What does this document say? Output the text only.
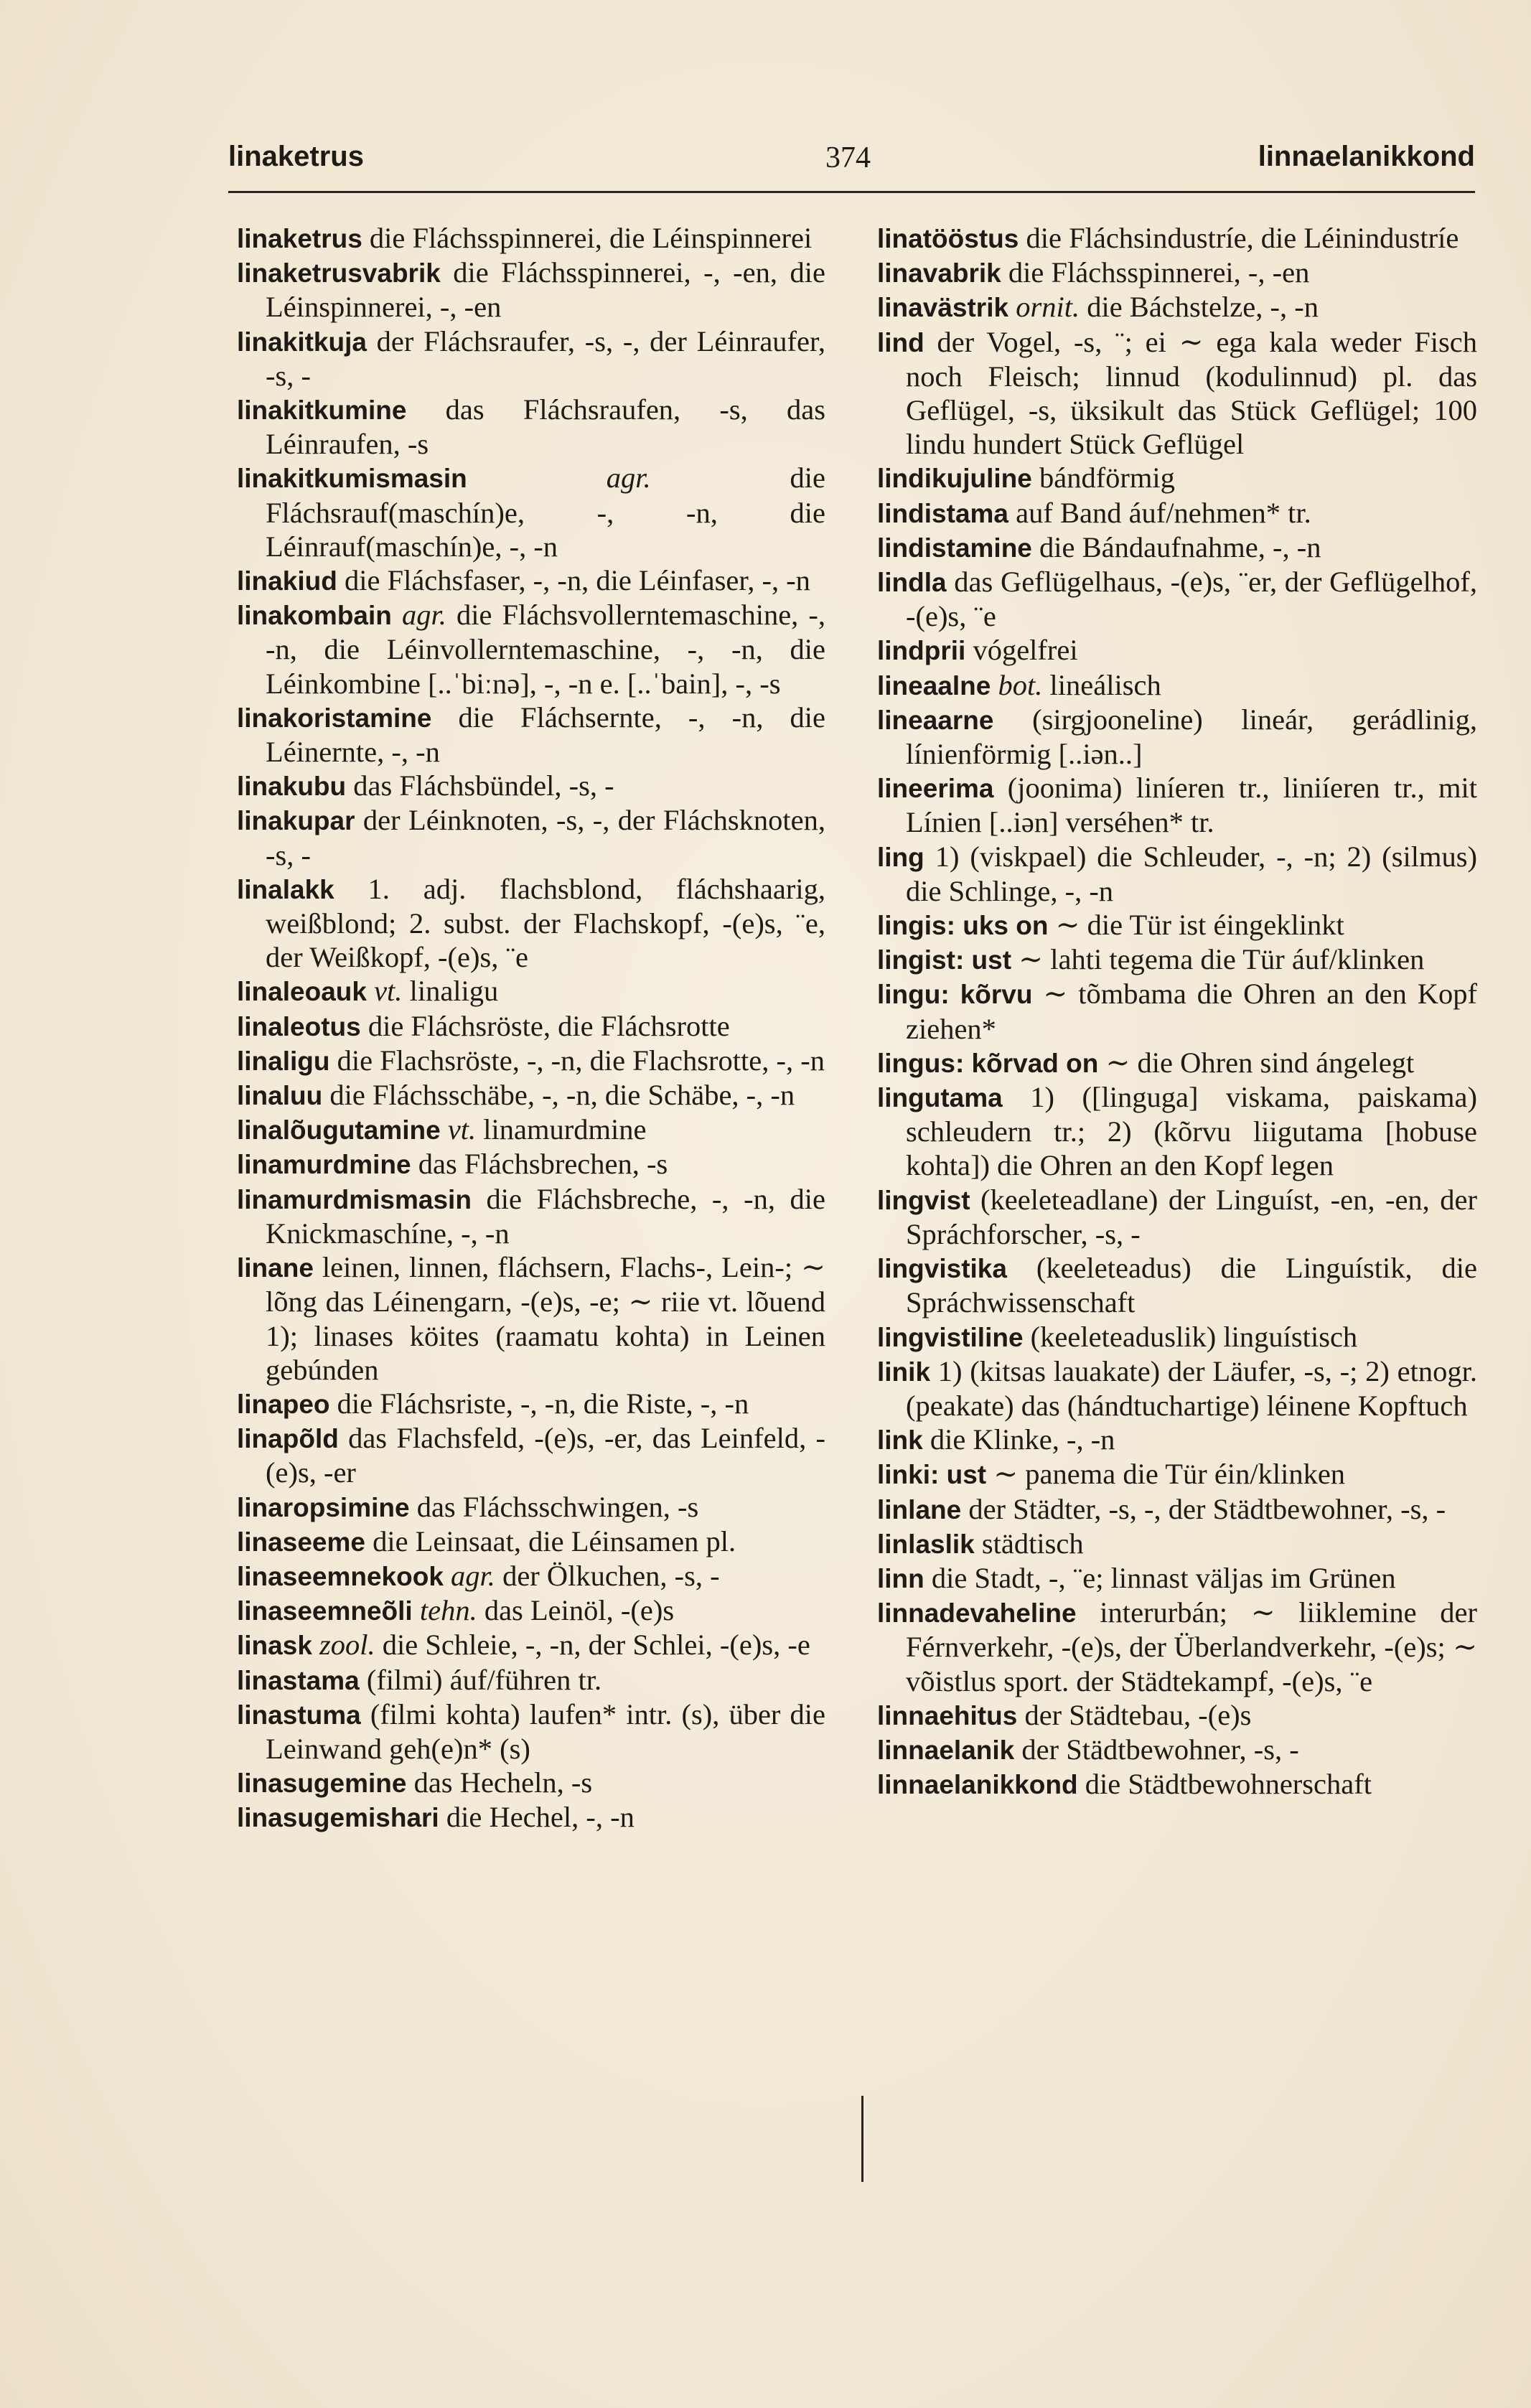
linaketrus	374	linnaelanikkond

linaketrus die Fláchsspinnerei, die Léinspinnerei

linaketrusvabrik die Fláchsspinnerei, -, -en, die Léinspinnerei, -, -en

linakitkuja der Fláchsraufer, -s, -, der Léinraufer, -s, -

linakitkumine das Fláchsraufen, -s, das Léinraufen, -s

linakitkumismasin	agr. die Fláchsrauf(maschín)e, -, -n, die Léinrauf(maschín)e, -, -n

linakiud die Fláchsfaser, -, -n, die Léinfaser, -, -n

linakombain agr. die Fláchsvollerntemaschine, -, -n, die Léinvollerntemaschine, -, -n, die Léinkombine [..ˈbiːnə], -, -n e. [..ˈbain], -, -s

linakoristamine die Fláchsernte, -, -n, die Léinernte, -, -n

linakubu das Fláchsbündel, -s, -

linakupar der Léinknoten, -s, -, der Fláchsknoten, -s, -

linalakk 1. adj. flachsblond, fláchshaarig, weißblond; 2. subst. der Flachskopf, -(e)s, ¨e, der Weißkopf, -(e)s, ¨e

linaleoauk vt. linaligu

linaleotus die Fláchsröste, die Fláchsrotte

linaligu die Flachsröste, -, -n, die Flachsrotte, -, -n

linaluu die Fláchsschäbe, -, -n, die Schäbe, -, -n

linalõugutamine vt. linamurdmine

linamurdmine das Fláchsbrechen, -s

linamurdmismasin die Fláchsbreche, -, -n, die Knickmaschíne, -, -n

linane leinen, linnen, fláchsern, Flachs-, Lein-; ∼ lõng das Léinengarn, -(e)s, -e; ∼ riie vt. lõuend 1); linases köites (raamatu kohta) in Leinen gebúnden

linapeo die Fláchsriste, -, -n, die Riste, -, -n

linapõld das Flachsfeld, -(e)s, -er, das Leinfeld, -(e)s, -er

linaropsimine das Fláchsschwingen, -s

linaseeme die Leinsaat, die Léinsamen pl.

linaseemnekook agr. der Ölkuchen, -s, -

linaseemneõli tehn. das Leinöl, -(e)s

linask zool. die Schleie, -, -n, der Schlei, -(e)s, -e

linastama (filmi) áuf/führen tr.

linastuma (filmi kohta) laufen* intr. (s), über die Leinwand geh(e)n* (s)

linasugemine das Hecheln, -s

linasugemishari die Hechel, -, -n

linatööstus die Fláchsindustríe, die Léinindustríe

linavabrik die Fláchsspinnerei, -, -en

linavästrik ornit. die Báchstelze, -, -n

lind der Vogel, -s, ¨; ei ∼ ega kala weder Fisch noch Fleisch; linnud (kodulinnud) pl. das Geflügel, -s, üksikult das Stück Geflügel; 100 lindu hundert Stück Geflügel

lindikujuline bándförmig

lindistama auf Band áuf/nehmen* tr.

lindistamine die Bándaufnahme, -, -n

lindla das Geflügelhaus, -(e)s, ¨er, der Geflügelhof, -(e)s, ¨e

lindprii vógelfrei

lineaalne bot. lineálisch

lineaarne (sirgjooneline) lineár, gerádlinig, línienförmig [..iən..]

lineerima (joonima) liníeren tr., liniíeren tr., mit Línien [..iən] verséhen* tr.

ling 1) (viskpael) die Schleuder, -, -n; 2) (silmus) die Schlinge, -, -n

lingis: uks on ∼ die Tür ist éingeklinkt

lingist: ust ∼ lahti tegema die Tür áuf/klinken

lingu: kõrvu ∼ tõmbama die Ohren an den Kopf ziehen*

lingus: kõrvad on ∼ die Ohren sind ángelegt

lingutama 1) ([linguga] viskama, paiskama) schleudern tr.; 2) (kõrvu liigutama [hobuse kohta]) die Ohren an den Kopf legen

lingvist (keeleteadlane) der Linguíst, -en, -en, der Spráchforscher, -s, -

lingvistika (keeleteadus) die Linguístik, die Spráchwissenschaft

lingvistiline (keeleteaduslik) linguístisch

linik 1) (kitsas lauakate) der Läufer, -s, -; 2) etnogr. (peakate) das (hándtuchartige) léinene Kopftuch

link die Klinke, -, -n

linki: ust ∼ panema die Tür éin/klinken

linlane der Städter, -s, -, der Städtbewohner, -s, -

linlaslik städtisch

linn die Stadt, -, ¨e; linnast väljas im Grünen

linnadevaheline interurbán; ∼ liiklemine der Férnverkehr, -(e)s, der Überlandverkehr, -(e)s; ∼ võistlus sport. der Städtekampf, -(e)s, ¨e

linnaehitus der Städtebau, -(e)s

linnaelanik der Städtbewohner, -s, -

linnaelanikkond die Städtbewohnerschaft
